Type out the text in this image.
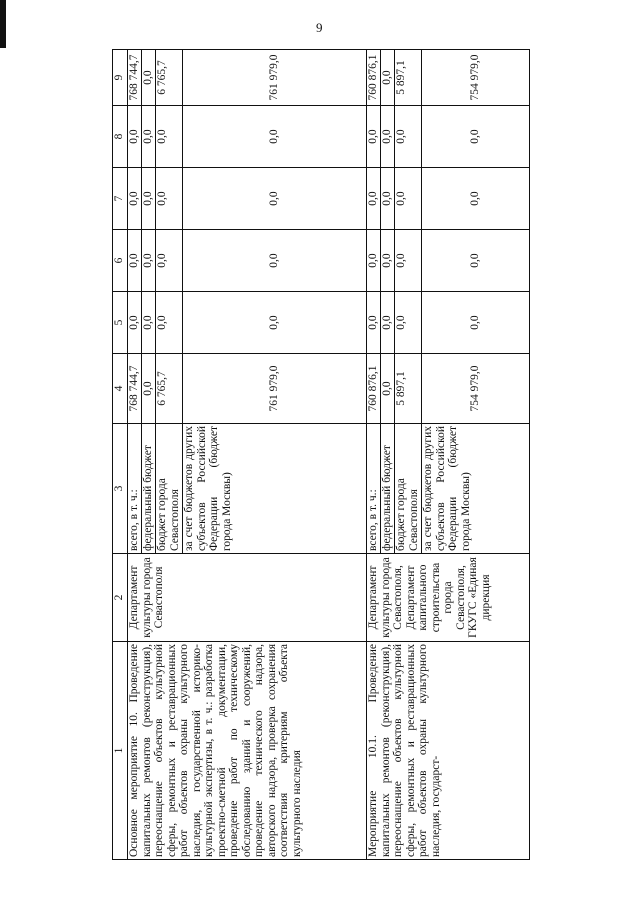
9
1	2	3	4	5	6	7	8	9
Основное мероприятие 10. Проведение капитальных ремонтов (реконструкция), переоснащение объектов культурной сферы, ремонтных и реставрационных работ объектов охраны культурного наследия, государственной историко-культурной экспертизы, в т. ч.: разработка проектно-сметной документации, проведение работ по техническому обследованию зданий и сооружений, проведение технического надзора, авторского надзора, проверка сохранения соответствия критериям объекта культурного наследия	Департамент культуры города Севастополя	всего, в т. ч.:	768 744,7	0,0	0,0	0,0	0,0	768 744,7
		федеральный бюджет	0,0	0,0	0,0	0,0	0,0	0,0
		бюджет города Севастополя	6 765,7	0,0	0,0	0,0	0,0	6 765,7
		за счет бюджетов других субъектов Российской Федерации (бюджет города Москвы)	761 979,0	0,0	0,0	0,0	0,0	761 979,0
Мероприятие 10.1. Проведение капитальных ремонтов (реконструкция), переоснащение объектов культурной сферы, ремонтных и реставрационных работ объектов охраны культурного наследия, государст-	Департамент культуры города Севастополя, Департамент капитального строительства города Севастополя, ГКУГС «Единая дирекция	всего, в т. ч.:	760 876,1	0,0	0,0	0,0	0,0	760 876,1
		федеральный бюджет	0,0	0,0	0,0	0,0	0,0	0,0
		бюджет города Севастополя	5 897,1	0,0	0,0	0,0	0,0	5 897,1
		за счет бюджетов других субъектов Российской Федерации (бюджет города Москвы)	754 979,0	0,0	0,0	0,0	0,0	754 979,0
